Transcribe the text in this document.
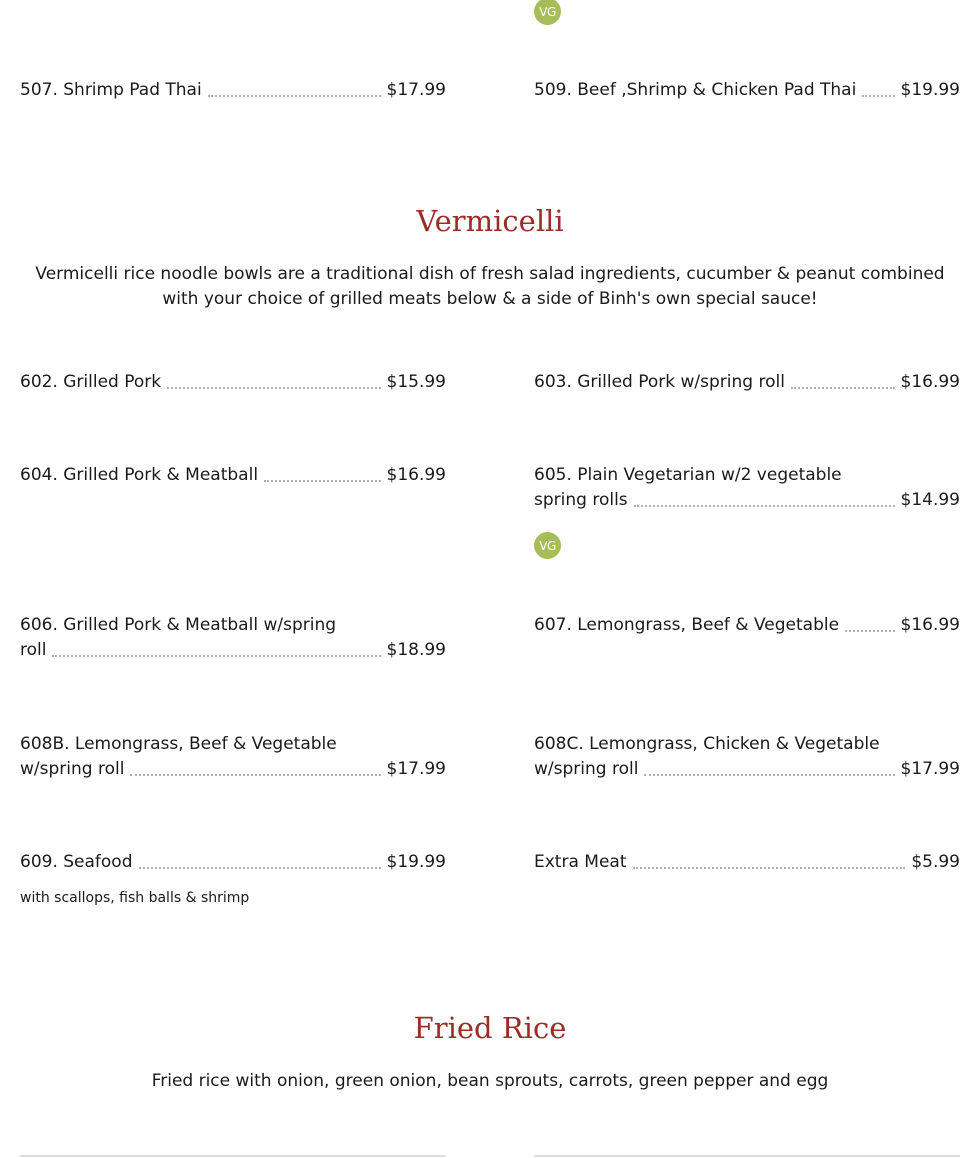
VG
507. Shrimp Pad Thai	$17.99	509. Beef ,Shrimp & Chicken Pad Thai	$19.99
Vermicelli
Vermicelli rice noodle bowls are a traditional dish of fresh salad ingredients, cucumber & peanut combined with your choice of grilled meats below & a side of Binh's own special sauce!
602. Grilled Pork	$15.99	603. Grilled Pork w/spring roll	$16.99
604. Grilled Pork & Meatball	$16.99	605. Plain Vegetarian w/2 vegetable
spring rolls	$14.99
VG
606. Grilled Pork & Meatball w/spring
roll	$18.99
607. Lemongrass, Beef & Vegetable	$16.99
608B. Lemongrass, Beef & Vegetable
w/spring roll	$17.99
608C. Lemongrass, Chicken & Vegetable
w/spring roll	$17.99
609. Seafood	$19.99
with scallops, fish balls & shrimp
Extra Meat	$5.99
Fried Rice
Fried rice with onion, green onion, bean sprouts, carrots, green pepper and egg
